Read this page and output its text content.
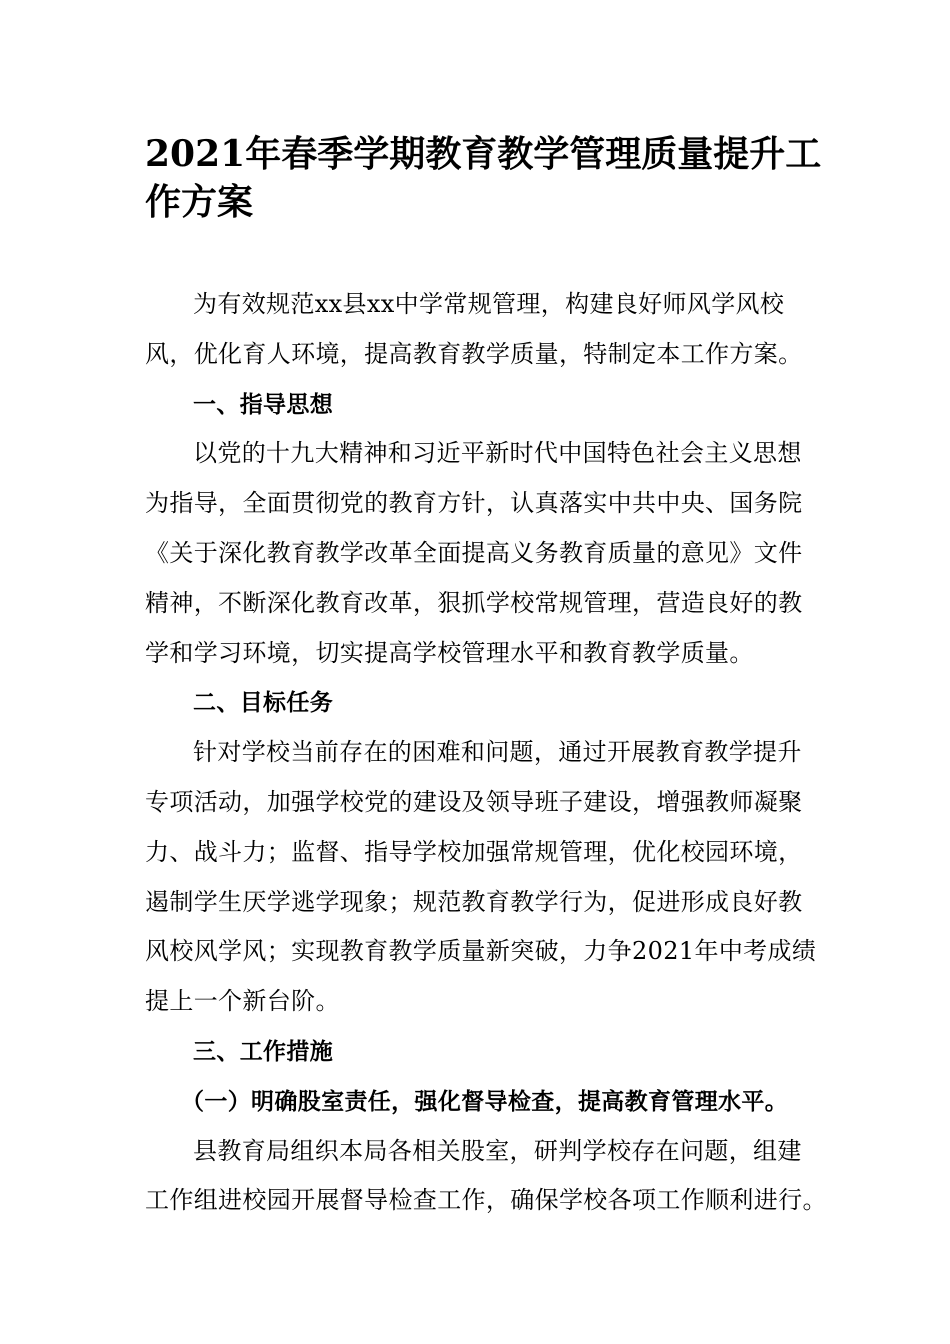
2021年春季学期教育教学管理质量提升工
作方案
为有效规范xx县xx中学常规管理，构建良好师风学风校
风，优化育人环境，提高教育教学质量，特制定本工作方案。
一、指导思想
以党的十九大精神和习近平新时代中国特色社会主义思想
为指导，全面贯彻党的教育方针，认真落实中共中央、国务院
《关于深化教育教学改革全面提高义务教育质量的意见》文件
精神，不断深化教育改革，狠抓学校常规管理，营造良好的教
学和学习环境，切实提高学校管理水平和教育教学质量。
二、目标任务
针对学校当前存在的困难和问题，通过开展教育教学提升
专项活动，加强学校党的建设及领导班子建设，增强教师凝聚
力、战斗力；监督、指导学校加强常规管理，优化校园环境，
遏制学生厌学逃学现象；规范教育教学行为，促进形成良好教
风校风学风；实现教育教学质量新突破，力争2021年中考成绩
提上一个新台阶。
三、工作措施
（一）明确股室责任，强化督导检查，提高教育管理水平。
县教育局组织本局各相关股室，研判学校存在问题，组建
工作组进校园开展督导检查工作，确保学校各项工作顺利进行。
